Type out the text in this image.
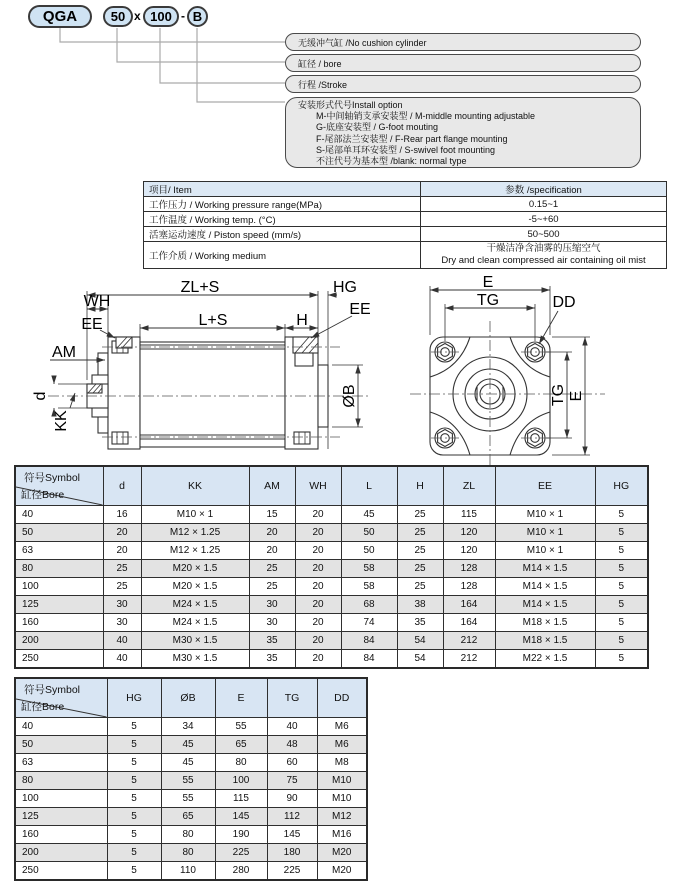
QGA	50 x 100 - B
无缓冲气缸 /No cushion cylinder
缸径 / bore
行程 /Stroke
安装形式代号Install option
M-中间轴销支承安装型 / M-middle mounting adjustable
G-底座安装型 / G-foot mouting
F-尾部法兰安装型 / F-Rear part flange mounting
S-尾部单耳环安装型 / S-swivel foot mounting
不注代号为基本型 /blank: normal type
项目/ Item	参数 /specification
工作压力 / Working pressure range(MPa)	0.15~1
工作温度 / Working temp. (°C)	-5~+60
活塞运动速度 / Piston speed (mm/s)	50~500
工作介质 / Working medium	干燥洁净含油雾的压缩空气
Dry and clean compressed air containing oil mist
ZL+S	HG
WH
EE	L+S	H
EE
AM
d
KK
ØB
E
TG	DD
TG E
符号Symbol
缸径Bore	d	KK	AM	WH	L	H	ZL	EE	HG
40	16	M10 × 1	15	20	45	25	115	M10 × 1	5
50	20	M12 × 1.25	20	20	50	25	120	M10 × 1	5
63	20	M12 × 1.25	20	20	50	25	120	M10 × 1	5
80	25	M20 × 1.5	25	20	58	25	128	M14 × 1.5	5
100	25	M20 × 1.5	25	20	58	25	128	M14 × 1.5	5
125	30	M24 × 1.5	30	20	68	38	164	M14 × 1.5	5
160	30	M24 × 1.5	30	20	74	35	164	M18 × 1.5	5
200	40	M30 × 1.5	35	20	84	54	212	M18 × 1.5	5
250	40	M30 × 1.5	35	20	84	54	212	M22 × 1.5	5
符号Symbol
缸径Bore	HG	ØB	E	TG	DD
40	5	34	55	40	M6
50	5	45	65	48	M6
63	5	45	80	60	M8
80	5	55	100	75	M10
100	5	55	115	90	M10
125	5	65	145	112	M12
160	5	80	190	145	M16
200	5	80	225	180	M20
250	5	110	280	225	M20
